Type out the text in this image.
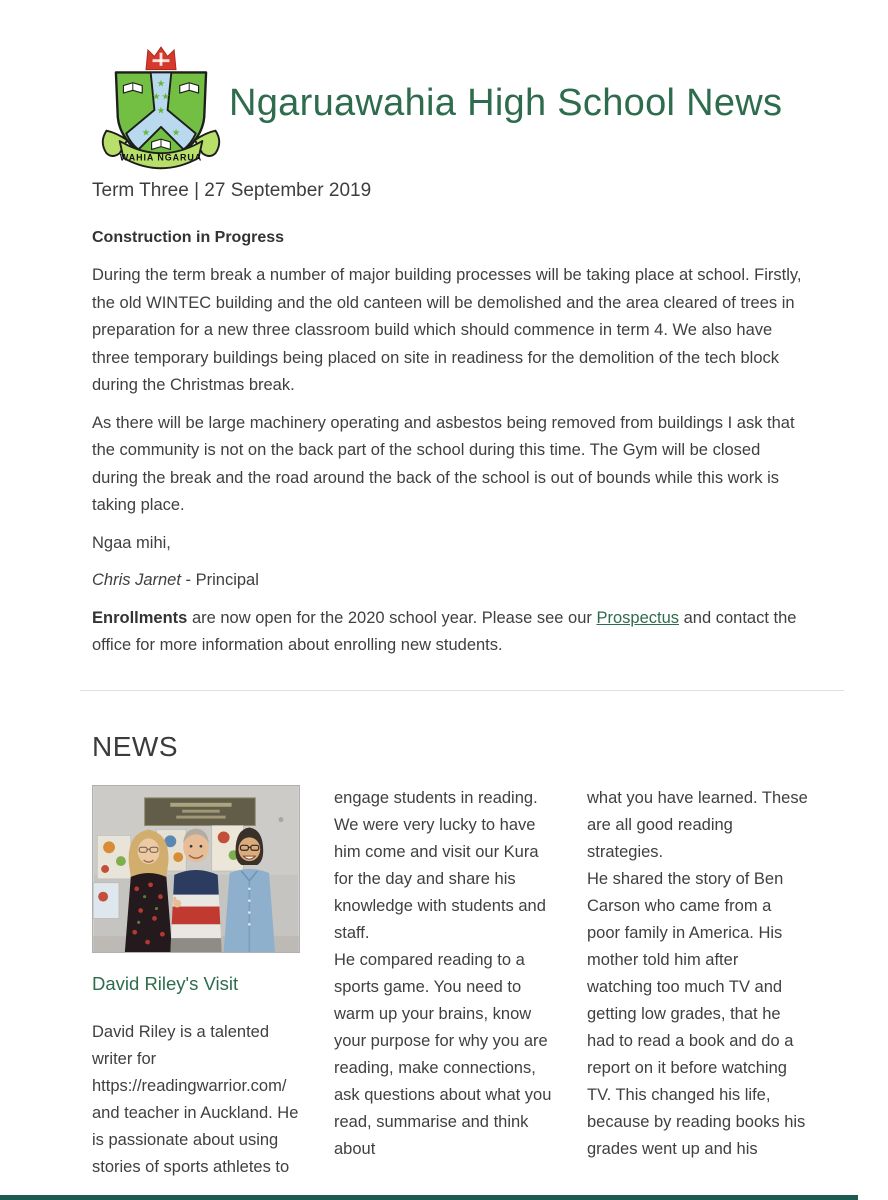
★
★ ★
★
★ ★
WAHIA NGARUA
Ngaruawahia High School News
Term Three | 27 September 2019
Construction in Progress

During the term break a number of major building processes will be taking place at school. Firstly, the old WINTEC building and the old canteen will be demolished and the area cleared of trees in preparation for a new three classroom build which should commence in term 4. We also have three temporary buildings being placed on site in readiness for the demolition of the tech block during the Christmas break.

As there will be large machinery operating and asbestos being removed from buildings I ask that the community is not on the back part of the school during this time. The Gym will be closed during the break and the road around the back of the school is out of bounds while this work is taking place.

Ngaa mihi,

Chris Jarnet - Principal

Enrollments are now open for the 2020 school year. Please see our Prospectus and contact the office for more information about enrolling new students.

NEWS
David Riley's Visit

David Riley is a talented writer for https://readingwarrior.com/ and teacher in Auckland. He is passionate about using stories of sports athletes to

engage students in reading. We were very lucky to have him come and visit our Kura for the day and share his knowledge with students and staff.

He compared reading to a sports game. You need to warm up your brains, know your purpose for why you are reading, make connections, ask questions about what you read, summarise and think about

what you have learned. These are all good reading strategies.

He shared the story of Ben Carson who came from a poor family in America. His mother told him after watching too much TV and getting low grades, that he had to read a book and do a report on it before watching TV. This changed his life, because by reading books his grades went up and his
